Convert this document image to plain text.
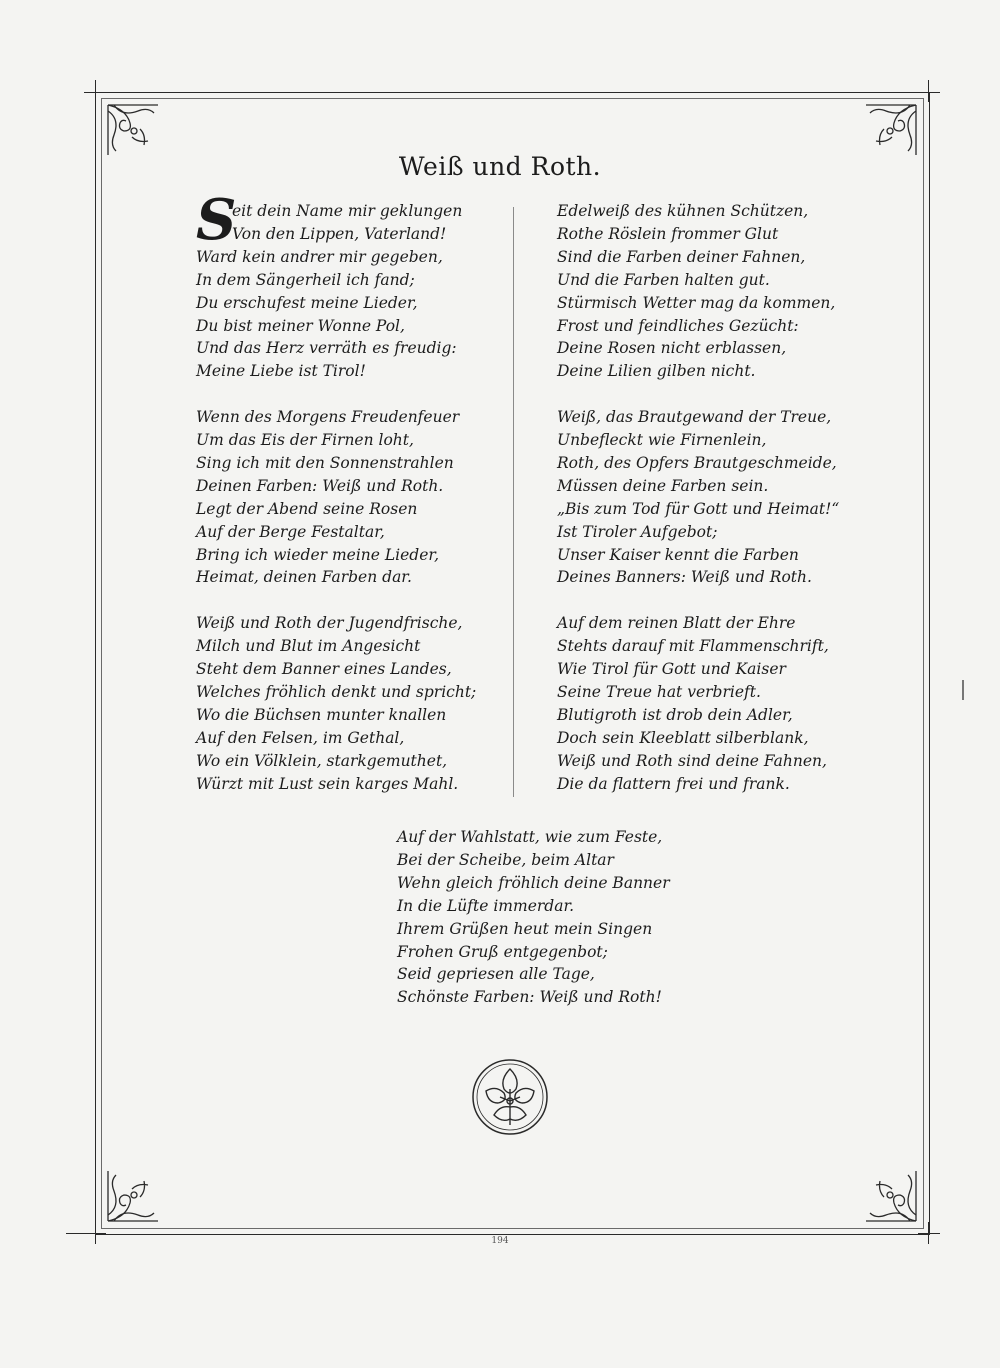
Weiß und Roth.
S
eit dein Name mir geklungen
Von den Lippen, Vaterland!
Ward kein andrer mir gegeben,
In dem Sängerheil ich fand;
Du erschufest meine Lieder,
Du bist meiner Wonne Pol,
Und das Herz verräth es freudig:
Meine Liebe ist Tirol!
Wenn des Morgens Freudenfeuer
Um das Eis der Firnen loht,
Sing ich mit den Sonnenstrahlen
Deinen Farben: Weiß und Roth.
Legt der Abend seine Rosen
Auf der Berge Festaltar,
Bring ich wieder meine Lieder,
Heimat, deinen Farben dar.
Weiß und Roth der Jugendfrische,
Milch und Blut im Angesicht
Steht dem Banner eines Landes,
Welches fröhlich denkt und spricht;
Wo die Büchsen munter knallen
Auf den Felsen, im Gethal,
Wo ein Völklein, starkgemuthet,
Würzt mit Lust sein karges Mahl.
Edelweiß des kühnen Schützen,
Rothe Röslein frommer Glut
Sind die Farben deiner Fahnen,
Und die Farben halten gut.
Stürmisch Wetter mag da kommen,
Frost und feindliches Gezücht:
Deine Rosen nicht erblassen,
Deine Lilien gilben nicht.
Weiß, das Brautgewand der Treue,
Unbefleckt wie Firnenlein,
Roth, des Opfers Brautgeschmeide,
Müssen deine Farben sein.
„Bis zum Tod für Gott und Heimat!“
Ist Tiroler Aufgebot;
Unser Kaiser kennt die Farben
Deines Banners: Weiß und Roth.
Auf dem reinen Blatt der Ehre
Stehts darauf mit Flammenschrift,
Wie Tirol für Gott und Kaiser
Seine Treue hat verbrieft.
Blutigroth ist drob dein Adler,
Doch sein Kleeblatt silberblank,
Weiß und Roth sind deine Fahnen,
Die da flattern frei und frank.
Auf der Wahlstatt, wie zum Feste,
Bei der Scheibe, beim Altar
Wehn gleich fröhlich deine Banner
In die Lüfte immerdar.
Ihrem Grüßen heut mein Singen
Frohen Gruß entgegenbot;
Seid gepriesen alle Tage,
Schönste Farben: Weiß und Roth!
194
